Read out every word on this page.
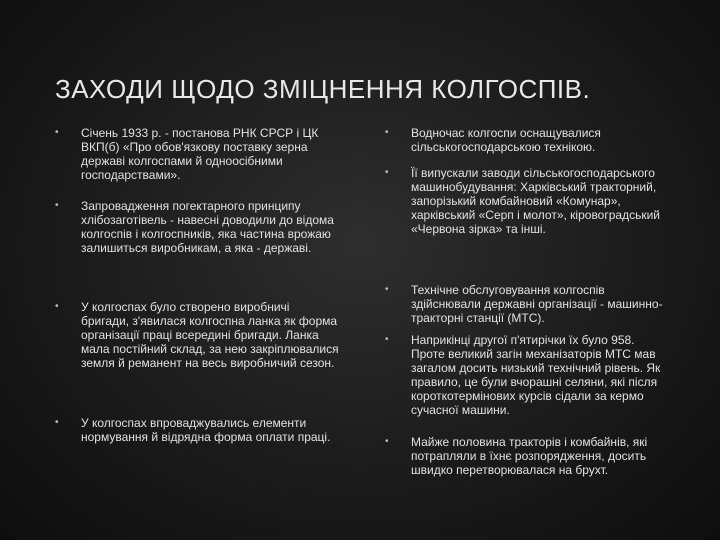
ЗАХОДИ ЩОДО ЗМІЦНЕННЯ КОЛГОСПІВ.
• Січень 1933 р. - постанова РНК СРСР і ЦК ВКП(б) «Про обов'язкову поставку зерна державі колгоспами й одноосібними господарствами».
• Запровадження погектарного принципу хлібозаготівель - навесні доводили до відома колгоспів і колгоспників, яка частина врожаю залишиться виробникам, а яка - державі.
• У колгоспах було створено виробничі бригади, з'явилася колгоспна ланка як форма організації праці всередині бригади. Ланка мала постійний склад, за нею закріплювалися земля й реманент на весь виробничий сезон.
• У колгоспах впроваджувались елементи нормування й відрядна форма оплати праці.
• Водночас колгоспи оснащувалися сільськогосподарською технікою.
• Її випускали заводи сільськогосподарського машинобудування: Харківський тракторний, запорізький комбайновий «Комунар», харківський «Серп і молот», кіровоградський «Червона зірка» та інші.
• Технічне обслуговування колгоспів здійснювали державні організації - машинно-тракторні станції (МТС).
• Наприкінці другої п'ятирічки їх було 958. Проте великий загін механізаторів МТС мав загалом досить низький технічний рівень. Як правило, це були вчорашні селяни, які після короткотермінових курсів сідали за кермо сучасної машини.
• Майже половина тракторів і комбайнів, які потрапляли в їхнє розпорядження, досить швидко перетворювалася на брухт.
